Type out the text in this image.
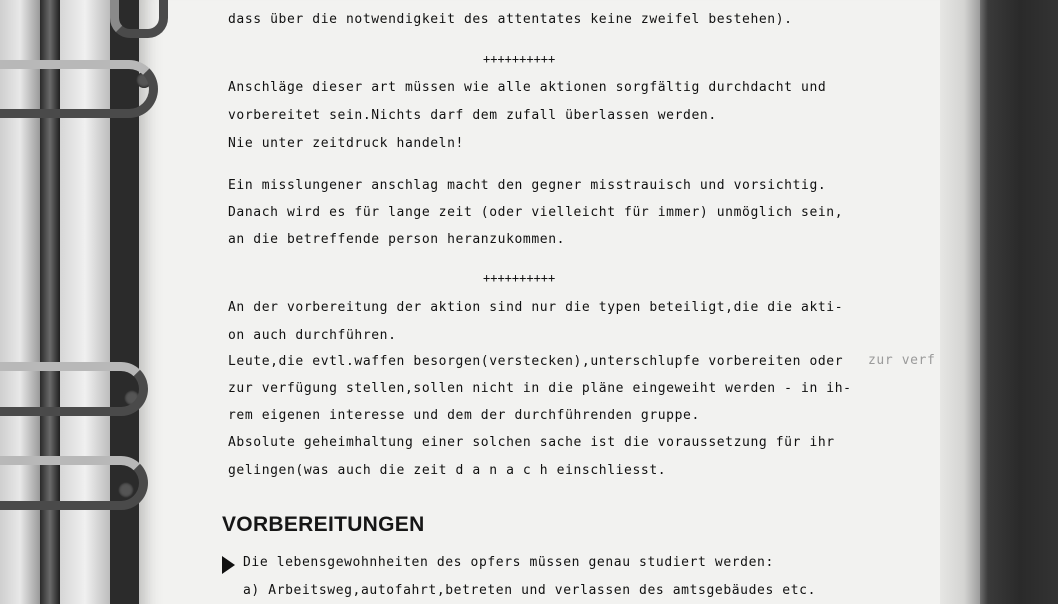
dass über die notwendigkeit des attentates keine zweifel bestehen).
++++++++++
Anschläge dieser art müssen wie alle aktionen sorgfältig durchdacht und
vorbereitet sein.Nichts darf dem zufall überlassen werden.
Nie unter zeitdruck handeln!
Ein misslungener anschlag macht den gegner misstrauisch und vorsichtig.
Danach wird es für lange zeit (oder vielleicht für immer) unmöglich sein,
an die betreffende person heranzukommen.
++++++++++
An der vorbereitung der aktion sind nur die typen beteiligt,die die akti-
on auch durchführen.
Leute,die evtl.waffen besorgen(verstecken),unterschlupfe vorbereiten oder
zur verfügung stellen,sollen nicht in die pläne eingeweiht werden - in ih-
rem eigenen interesse und dem der durchführenden gruppe.
Absolute geheimhaltung einer solchen sache ist die voraussetzung für ihr
gelingen(was auch die zeit d a n a c h einschliesst.
Die lebensgewohnheiten des opfers müssen genau studiert werden:
a) Arbeitsweg,autofahrt,betreten und verlassen des amtsgebäudes etc.
zur verf
VORBEREITUNGEN
